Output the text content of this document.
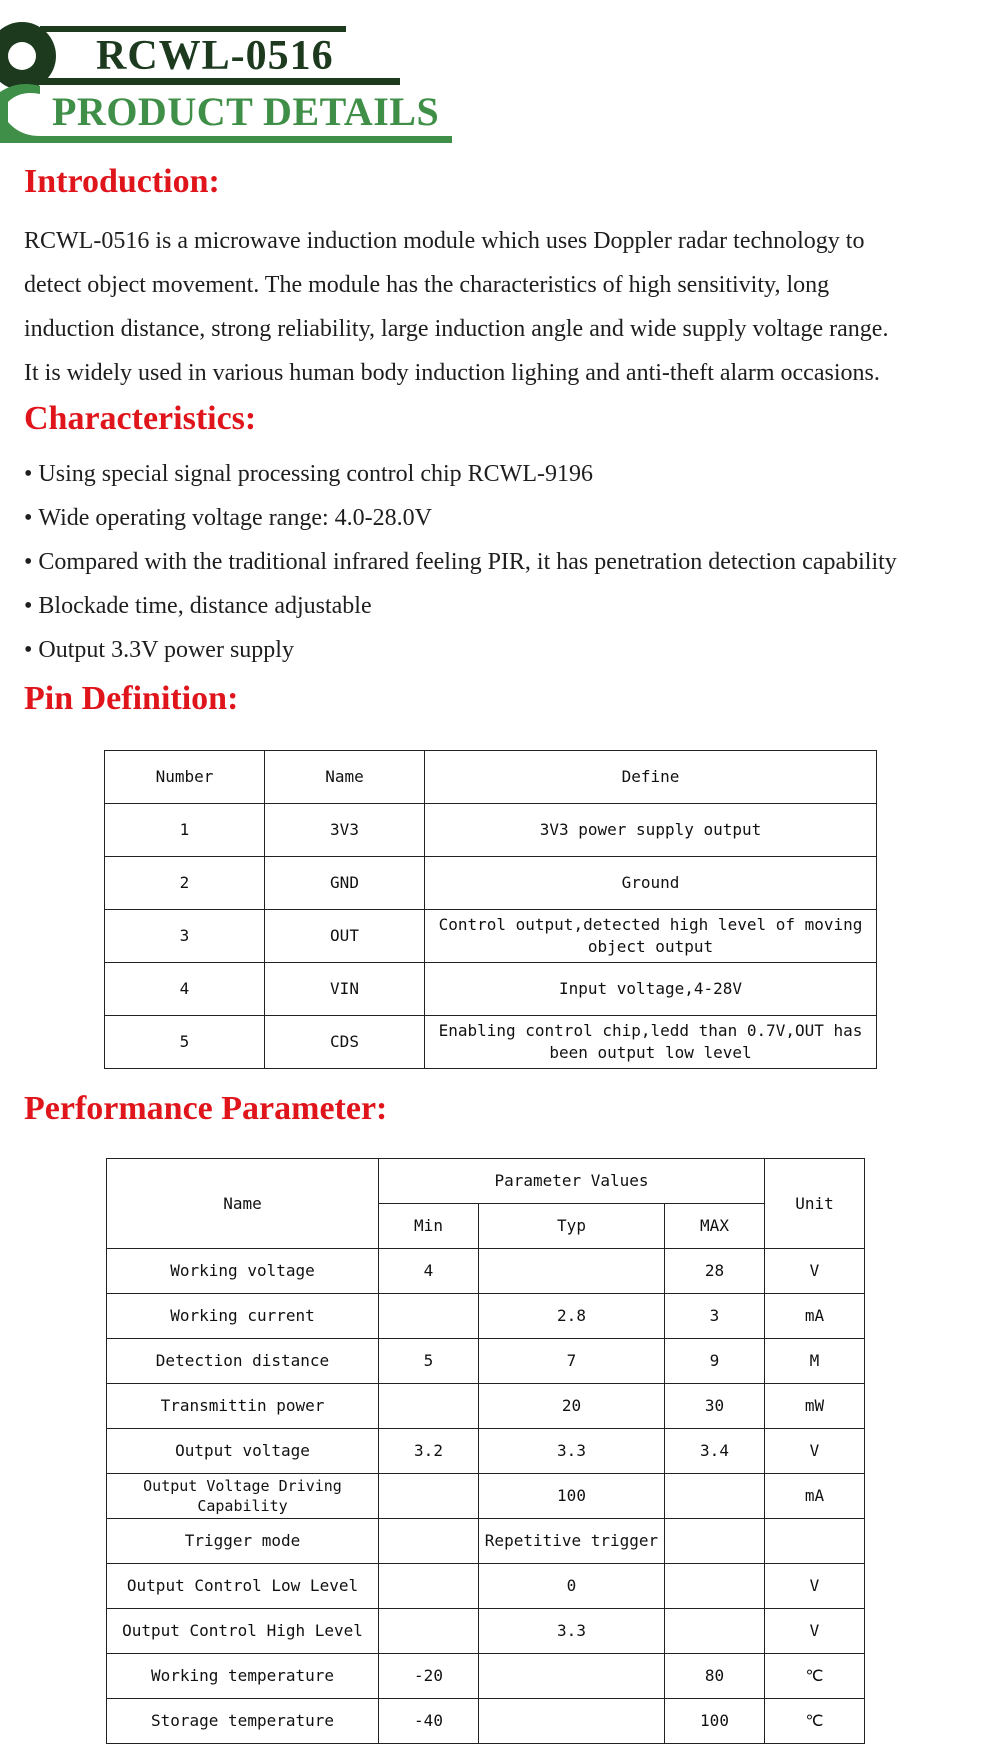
RCWL-0516
PRODUCT DETAILS
Introduction:

RCWL-0516 is a microwave induction module which uses Doppler radar technology to

detect object movement. The module has the characteristics of high sensitivity, long

induction distance, strong reliability, large induction angle and wide supply voltage range.

It is widely used in various human body induction lighing and anti-theft alarm occasions.

Characteristics:
• Using special signal processing control chip RCWL-9196
• Wide operating voltage range: 4.0-28.0V
• Compared with the traditional infrared feeling PIR, it has penetration detection capability
• Blockade time, distance adjustable
• Output 3.3V power supply
Pin Definition:
Number	Name	Define
1	3V3	3V3 power supply output
2	GND	Ground
3	OUT	Control output,detected high level of moving object output
4	VIN	Input voltage,4-28V
5	CDS	Enabling control chip,ledd than 0.7V,OUT has been output low level
Performance Parameter:
Name	Parameter Values			Unit
	Min	Typ	MAX	
Working voltage	4		28	V
Working current		2.8	3	mA
Detection distance	5	7	9	M
Transmittin power		20	30	mW
Output voltage	3.2	3.3	3.4	V
Output Voltage Driving Capability		100		mA
Trigger mode		Repetitive trigger		
Output Control Low Level		0		V
Output Control High Level		3.3		V
Working temperature	-20		80	℃
Storage temperature	-40		100	℃
